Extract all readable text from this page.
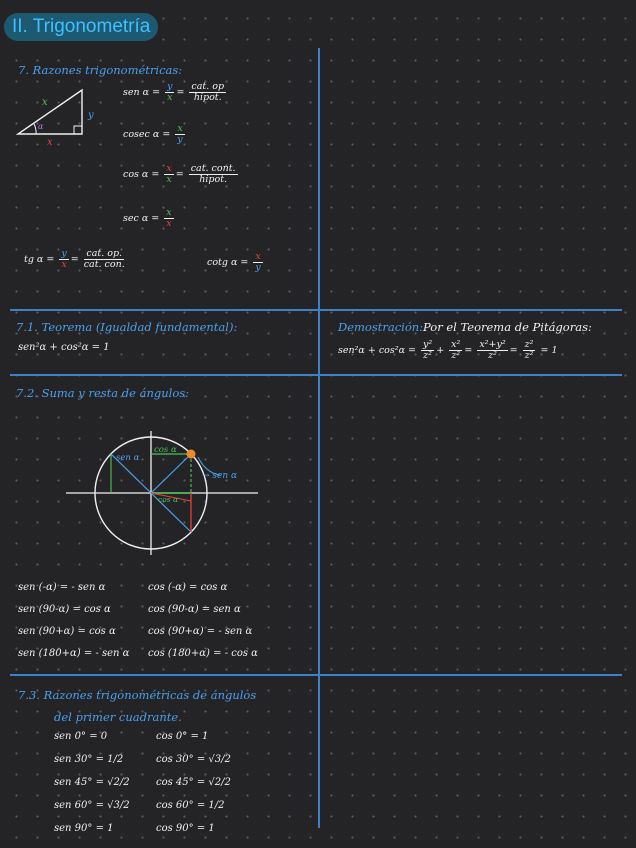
II. Trigonometría
7. Razones trigonométricas:
x
y
x
α
sen $\alpha = \frac{y}{x} = \frac{\text{cat. op}}{\text{hipot.}}$
cosec $\alpha = \frac{x}{y}$
$\cos \alpha = \frac{x}{x} = \frac{\text{cat. cont.}}{\text{hipot.}}$
$\sec \alpha = \frac{x}{x}$
tg $\alpha = \frac{y}{x} = \frac{\text{cat. op.}}{\text{cat. con.}}$	cotg $\alpha = \frac{x}{y}$
7.1. Teorema (Igualdad fundamental):
sen²α + cos²α = 1
Demostración: Por el Teorema de Pitágoras:
$sen^2\alpha + \cos^2\alpha = \frac{\text{y²}}{\text{z²}} + \frac{\text{x²}}{\text{z²}} = \frac{\text{x²+y²}}{\text{z²}} = \frac{\text{z²}}{\text{z²}} = 1$
7.2. Suma y resta de ángulos:
cos α
sen α
→ sen α
cos α
sen (-α) = - sen α
sen (90-α) = cos α
sen (90+α) = cos α
sen (180+α) = - sen α
cos (-α) = cos α
cos (90-α) = sen α
cos (90+α) = - sen α
cos (180+α) = - cos α
7.3. Razones trigonométricas de ángulos
del primer cuadrante.
sen 0° = 0
sen 30° = 1/2
sen 45° = √2/2
sen 60° = √3/2
sen 90° = 1
cos 0° = 1
cos 30° = √3/2
cos 45° = √2/2
cos 60° = 1/2
cos 90° = 1
